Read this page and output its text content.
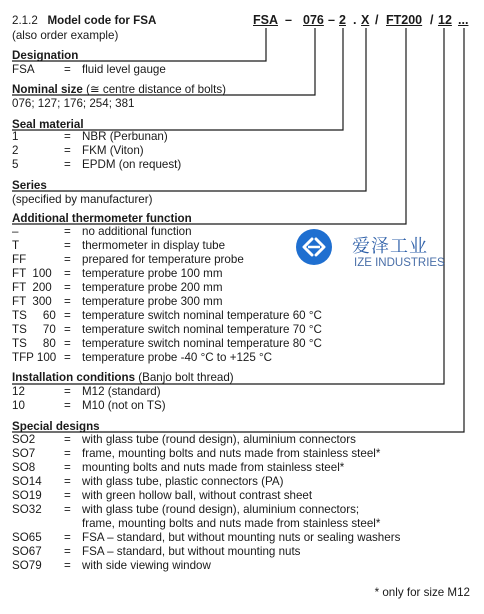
2.1.2 Model code for FSA
(also order example)
FSA – 076 – 2 . X / FT200 / 12 ...
Designation
FSA	= fluid level gauge
Nominal size (≅ centre distance of bolts)
076; 127; 176; 254; 381
Seal material
1	= NBR (Perbunan)
2	= FKM (Viton)
5	= EPDM (on request)
Series
(specified by manufacturer)
Additional thermometer function
–	= no additional function
T	= thermometer in display tube
FF	= prepared for temperature probe
FT  100 = temperature probe 100 mm
FT  200 = temperature probe 200 mm
FT  300 = temperature probe 300 mm
TS     60 = temperature switch nominal temperature 60 °C
TS     70 = temperature switch nominal temperature 70 °C
TS     80 = temperature switch nominal temperature 80 °C
TFP 100 = temperature probe -40 °C to +125 °C
爱泽工业
IZE INDUSTRIES
Installation conditions (Banjo bolt thread)
12	= M12 (standard)
10	= M10 (not on TS)
Special designs
SO2 = with glass tube (round design), aluminium connectors
SO7 = frame, mounting bolts and nuts made from stainless steel*
SO8 = mounting bolts and nuts made from stainless steel*
SO14 = with glass tube, plastic connectors (PA)
SO19 = with green hollow ball, without contrast sheet
SO32 = with glass tube (round design), aluminium connectors;
frame, mounting bolts and nuts made from stainless steel*
SO65 = FSA – standard, but without mounting nuts or sealing washers
SO67 = FSA – standard, but without mounting nuts
SO79 = with side viewing window
* only for size M12
